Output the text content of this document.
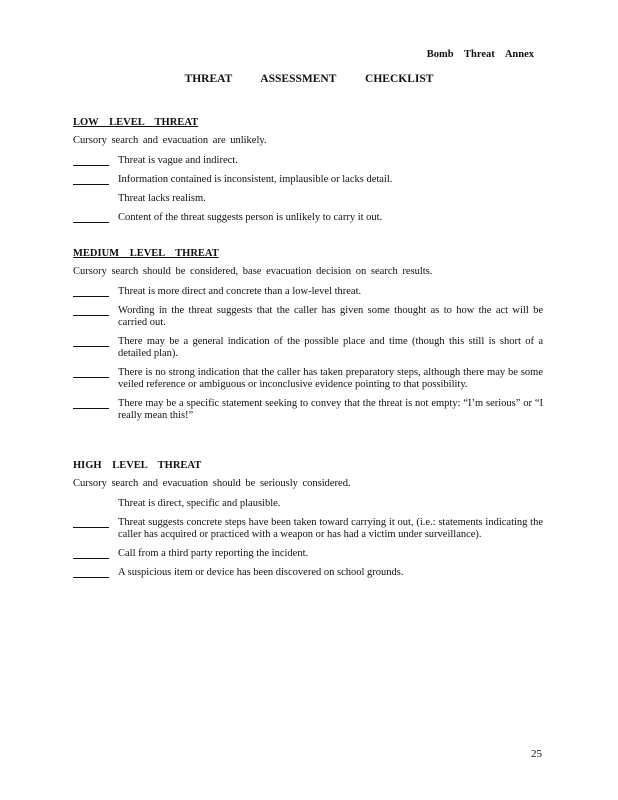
Bomb Threat Annex
THREAT ASSESSMENT CHECKLIST
LOW LEVEL THREAT
Cursory search and evacuation are unlikely.
Threat is vague and indirect.
Information contained is inconsistent, implausible or lacks detail.
Threat lacks realism.
Content of the threat suggests person is unlikely to carry it out.
MEDIUM LEVEL THREAT
Cursory search should be considered, base evacuation decision on search results.
Threat is more direct and concrete than a low-level threat.
Wording in the threat suggests that the caller has given some thought as to how the act will be carried out.
There may be a general indication of the possible place and time (though this still is short of a detailed plan).
There is no strong indication that the caller has taken preparatory steps, although there may be some veiled reference or ambiguous or inconclusive evidence pointing to that possibility.
There may be a specific statement seeking to convey that the threat is not empty: “I’m serious” or “I really mean this!”
HIGH LEVEL THREAT
Cursory search and evacuation should be seriously considered.
Threat is direct, specific and plausible.
Threat suggests concrete steps have been taken toward carrying it out, (i.e.: statements indicating the caller has acquired or practiced with a weapon or has had a victim under surveillance).
Call from a third party reporting the incident.
A suspicious item or device has been discovered on school grounds.
25
